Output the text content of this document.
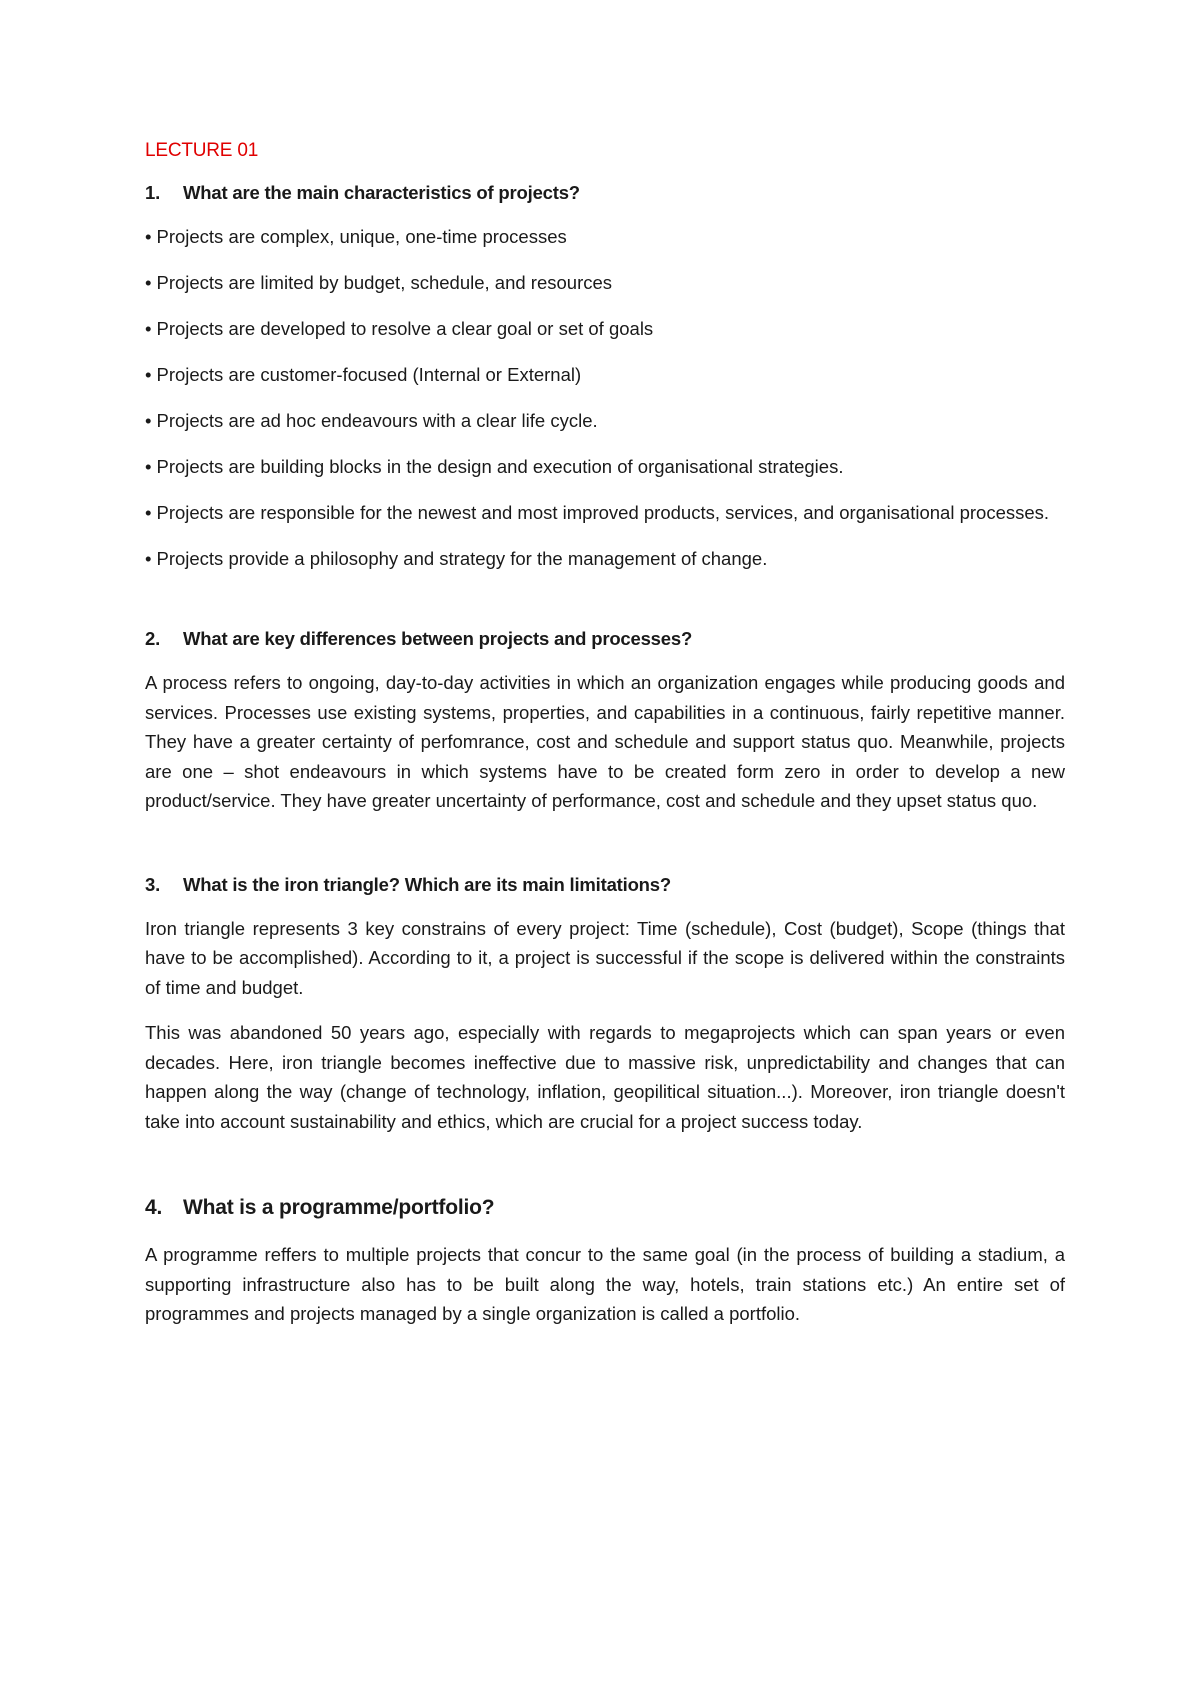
LECTURE 01
1.	What are the main characteristics of projects?
• Projects are complex, unique, one-time processes
• Projects are limited by budget, schedule, and resources
• Projects are developed to resolve a clear goal or set of goals
• Projects are customer-focused (Internal or External)
• Projects are ad hoc endeavours with a clear life cycle.
• Projects are building blocks in the design and execution of organisational strategies.
• Projects are responsible for the newest and most improved products, services, and organisational processes.
• Projects provide a philosophy and strategy for the management of change.
2.	What are key differences between projects and processes?

A process refers to ongoing, day-to-day activities in which an organization engages while producing goods and services. Processes use existing systems, properties, and capabilities in a continuous, fairly repetitive manner. They have a greater certainty of perfomrance, cost and schedule and support status quo. Meanwhile, projects are one – shot endeavours in which systems have to be created form zero in order to develop a new product/service. They have greater uncertainty of performance, cost and schedule and they upset status quo.

3.	What is the iron triangle? Which are its main limitations?

Iron triangle represents 3 key constrains of every project: Time (schedule), Cost (budget), Scope (things that have to be accomplished). According to it, a project is successful if the scope is delivered within the constraints of time and budget.

This was abandoned 50 years ago, especially with regards to megaprojects which can span years or even decades. Here, iron triangle becomes ineffective due to massive risk, unpredictability and changes that can happen along the way (change of technology, inflation, geopilitical situation...). Moreover, iron triangle doesn't take into account sustainability and ethics, which are crucial for a project success today.

4. What is a programme/portfolio?

A programme reffers to multiple projects that concur to the same goal (in the process of building a stadium, a supporting infrastructure also has to be built along the way, hotels, train stations etc.) An entire set of programmes and projects managed by a single organization is called a portfolio.
